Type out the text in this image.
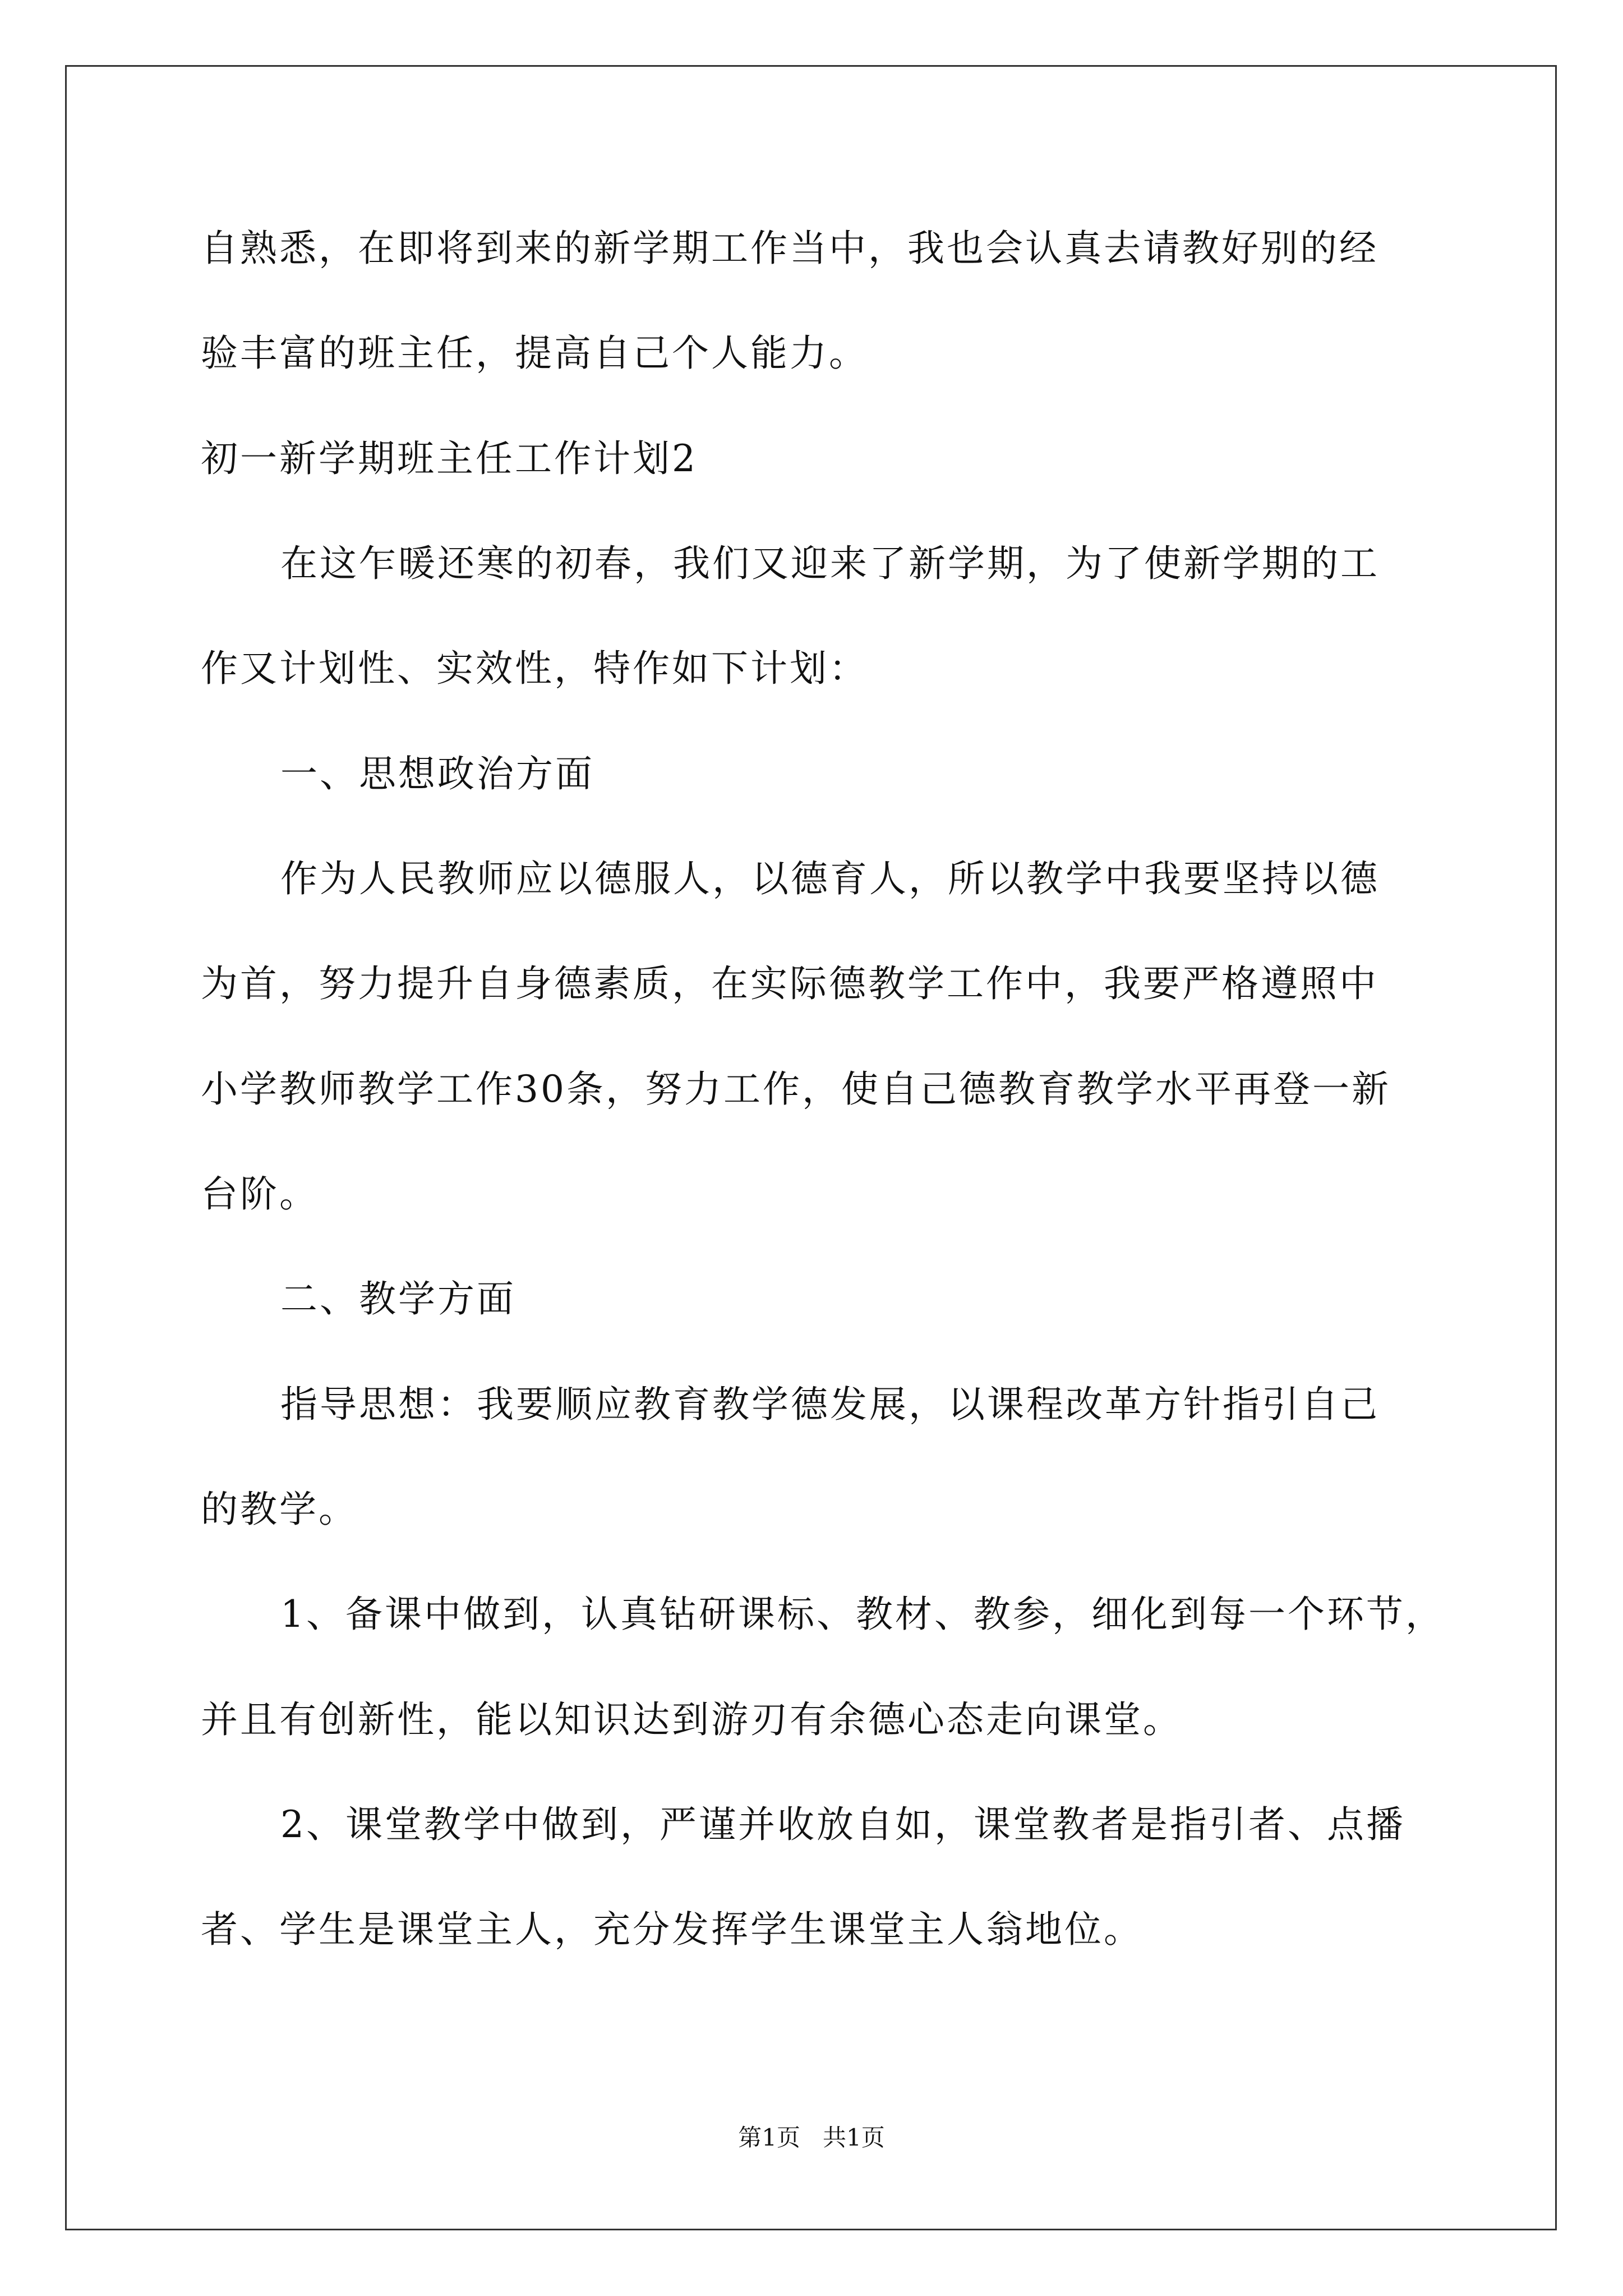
自熟悉，在即将到来的新学期工作当中，我也会认真去请教好别的经
验丰富的班主任，提高自己个人能力。
初一新学期班主任工作计划2
在这乍暖还寒的初春，我们又迎来了新学期，为了使新学期的工
作又计划性、实效性，特作如下计划：
一、思想政治方面
作为人民教师应以德服人，以德育人，所以教学中我要坚持以德
为首，努力提升自身德素质，在实际德教学工作中，我要严格遵照中
小学教师教学工作30条，努力工作，使自己德教育教学水平再登一新
台阶。
二、教学方面
指导思想：我要顺应教育教学德发展，以课程改革方针指引自己
的教学。
1、备课中做到，认真钻研课标、教材、教参，细化到每一个环节，
并且有创新性，能以知识达到游刃有余德心态走向课堂。
2、课堂教学中做到，严谨并收放自如，课堂教者是指引者、点播
者、学生是课堂主人，充分发挥学生课堂主人翁地位。
第1页   共1页
